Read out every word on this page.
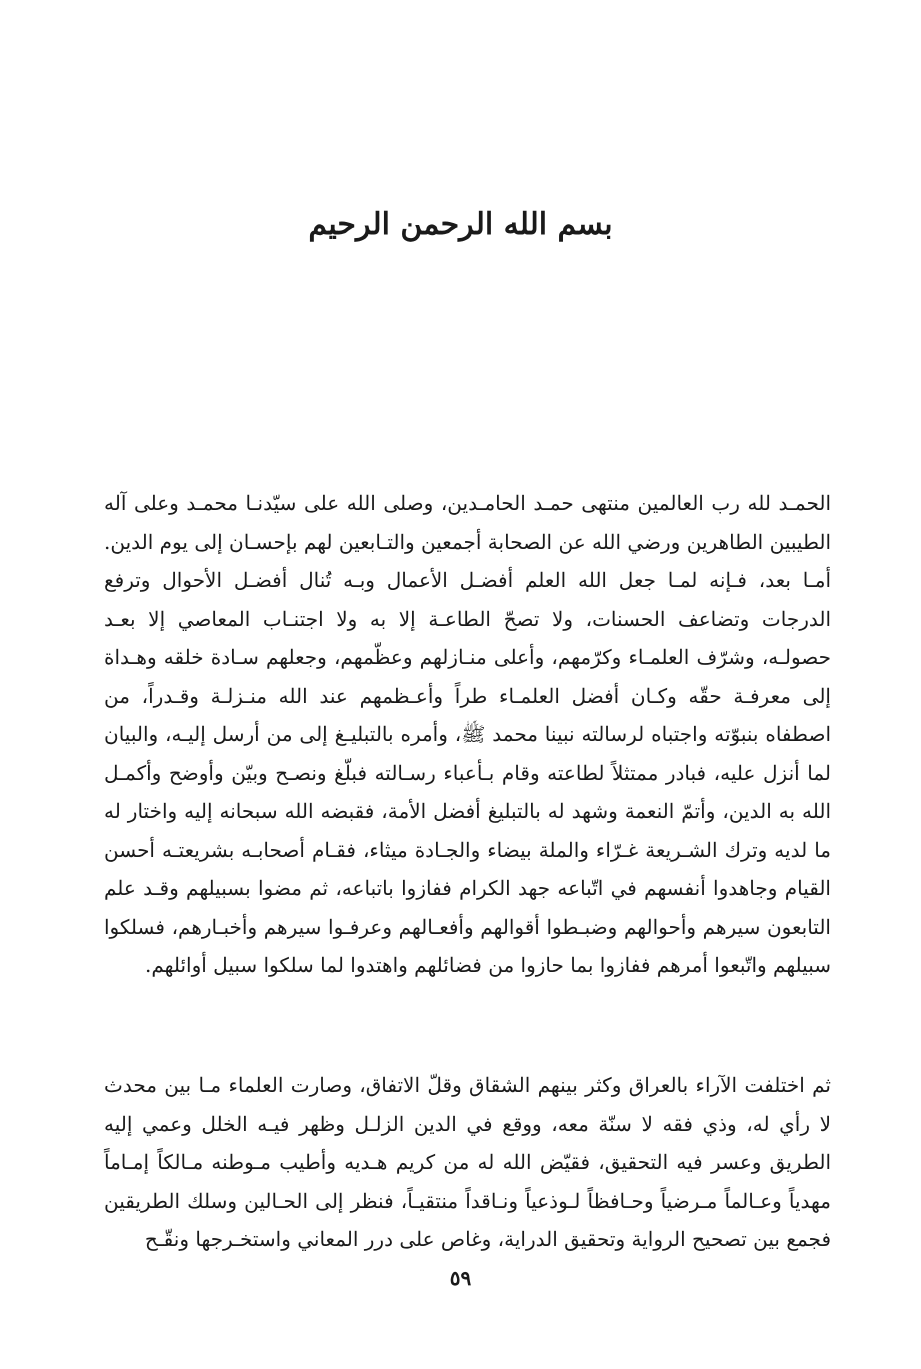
بسم الله الرحمن الرحيم

الحمـد لله رب العالمين منتهى حمـد الحامـدين، وصلى الله على سيّدنـا محمـد وعلى آله الطيبين الطاهرين ورضي الله عن الصحابة أجمعين والتـابعين لهم بإحسـان إلى يوم الدين. أمـا بعد، فـإنه لمـا جعل الله العلم أفضـل الأعمال وبـه تُنال أفضـل الأحوال وترفع الدرجات وتضاعف الحسنات، ولا تصحّ الطاعـة إلا به ولا اجتنـاب المعاصي إلا بعـد حصولـه، وشرّف العلمـاء وكرّمهم، وأعلى منـازلهم وعظّمهم، وجعلهم سـادة خلقه وهـداة إلى معرفـة حقّه وكـان أفضل العلمـاء طراً وأعـظمهم عند الله منـزلـة وقـدراً، من اصطفاه بنبوّته واجتباه لرسالته نبينا محمد ﷺ، وأمره بالتبليـغ إلى من أرسل إليـه، والبيان لما أنزل عليه، فبادر ممتثلاً لطاعته وقام بـأعباء رسـالته فبلّغ ونصـح وبيّن وأوضح وأكمـل الله به الدين، وأتمّ النعمة وشهد له بالتبليغ أفضل الأمة، فقبضه الله سبحانه إليه واختار له ما لديه وترك الشـريعة غـرّاء والملة بيضاء والجـادة ميثاء، فقـام أصحابـه بشريعتـه أحسن القيام وجاهدوا أنفسهم في اتّباعه جهد الكرام ففازوا باتباعه، ثم مضوا بسبيلهم وقـد علم التابعون سيرهم وأحوالهم وضبـطوا أقوالهم وأفعـالهم وعرفـوا سيرهم وأخبـارهم، فسلكوا سبيلهم واتّبعوا أمرهم ففازوا بما حازوا من فضائلهم واهتدوا لما سلكوا سبيل أوائلهم.

ثم اختلفت الآراء بالعراق وكثر بينهم الشقاق وقلّ الاتفاق، وصارت العلماء مـا بين محدث لا رأي له، وذي فقه لا سنّة معه، ووقع في الدين الزلـل وظهر فيـه الخلل وعمي إليه الطريق وعسر فيه التحقيق، فقيّض الله له من كريم هـديه وأطيب مـوطنه مـالكاً إمـاماً مهدياً وعـالماً مـرضياً وحـافظاً لـوذعياً ونـاقداً منتقيـاً، فنظر إلى الحـالين وسلك الطريقين فجمع بين تصحيح الرواية وتحقيق الدراية، وغاص على درر المعاني واستخـرجها ونقّـح

٥٩
